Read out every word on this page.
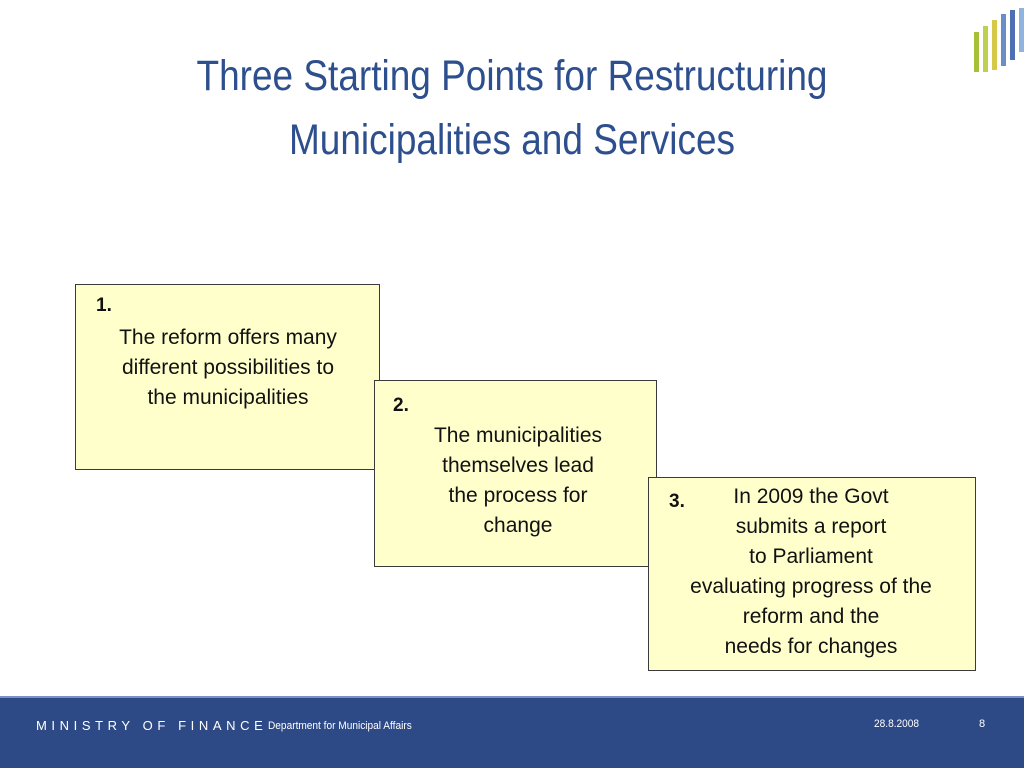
Three Starting Points for Restructuring
Municipalities and Services
1.
The reform offers many
different possibilities to
the municipalities	2.
The municipalities
themselves lead
the process for
change
3.	In 2009 the Govt
submits a report
to Parliament
evaluating progress of the
reform and the
needs for changes
MINISTRY OF FINANCE Department for Municipal Affairs	28.8.2008	8
